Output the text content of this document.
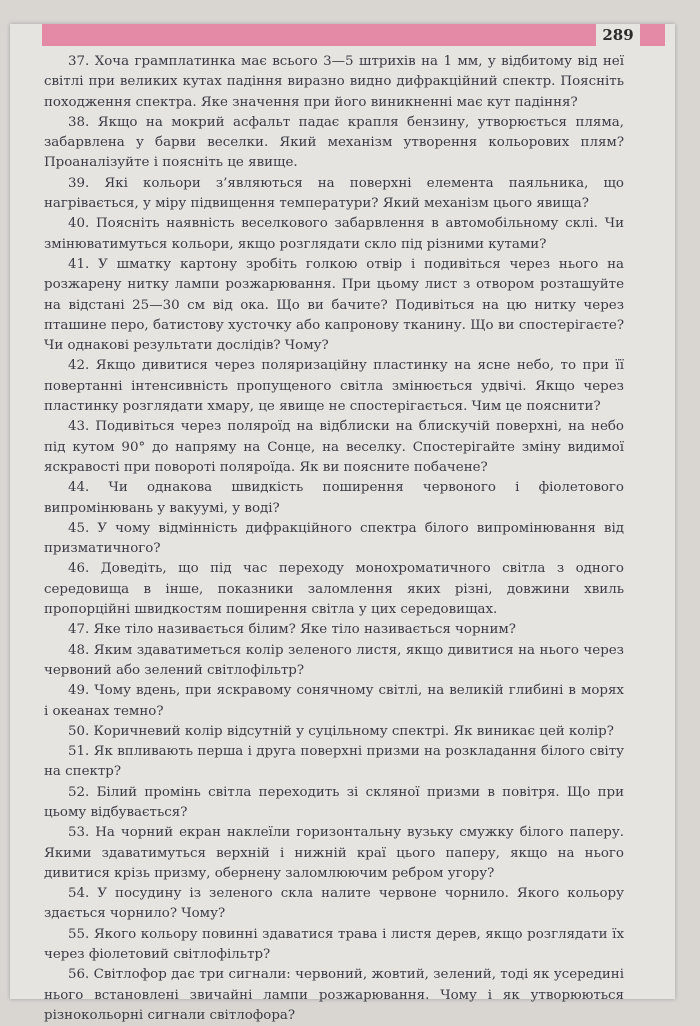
289

37. Хоча грамплатинка має всього 3—5 штрихів на 1 мм, у відбитому від неї світлі при великих кутах падіння виразно видно дифракційний спектр. Поясніть походження спектра. Яке значення при його виникненні має кут падіння?

38. Якщо на мокрий асфальт падає крапля бензину, утворюється пляма, забарвлена у барви веселки. Який механізм утворення кольорових плям? Проаналізуйте і поясніть це явище.

39. Які кольори з’являються на поверхні елемента паяльника, що нагрівається, у міру підвищення температури? Який механізм цього явища?

40. Поясніть наявність веселкового забарвлення в автомобільному склі. Чи змінюватимуться кольори, якщо розглядати скло під різними кутами?

41. У шматку картону зробіть голкою отвір і подивіться через нього на розжарену нитку лампи розжарювання. При цьому лист з отвором розташуйте на відстані 25—30 см від ока. Що ви бачите? Подивіться на цю нитку через пташине перо, батистову хусточку або капронову тканину. Що ви спостерігаєте? Чи однакові результати дослідів? Чому?

42. Якщо дивитися через поляризаційну пластинку на ясне небо, то при її повертанні інтенсивність пропущеного світла змінюється удвічі. Якщо через пластинку розглядати хмару, це явище не спостерігається. Чим це пояснити?

43. Подивіться через поляроїд на відблиски на блискучій поверхні, на небо під кутом 90° до напряму на Сонце, на веселку. Спостерігайте зміну видимої яскравості при повороті поляроїда. Як ви поясните побачене?

44. Чи однакова швидкість поширення червоного і фіолетового випромінювань у вакуумі, у воді?

45. У чому відмінність дифракційного спектра білого випромінювання від призматичного?

46. Доведіть, що під час переходу монохроматичного світла з одного середовища в інше, показники заломлення яких різні, довжини хвиль пропорційні швидкостям поширення світла у цих середовищах.

47. Яке тіло називається білим? Яке тіло називається чорним?

48. Яким здаватиметься колір зеленого листя, якщо дивитися на нього через червоний або зелений світлофільтр?

49. Чому вдень, при яскравому сонячному світлі, на великій глибині в морях і океанах темно?

50. Коричневий колір відсутній у суцільному спектрі. Як виникає цей колір?

51. Як впливають перша і друга поверхні призми на розкладання білого світу на спектр?

52. Білий промінь світла переходить зі скляної призми в повітря. Що при цьому відбувається?

53. На чорний екран наклеїли горизонтальну вузьку смужку білого паперу. Якими здаватимуться верхній і нижній краї цього паперу, якщо на нього дивитися крізь призму, обернену заломлюючим ребром угору?

54. У посудину із зеленого скла налите червоне чорнило. Якого кольору здається чорнило? Чому?

55. Якого кольору повинні здаватися трава і листя дерев, якщо розглядати їх через фіолетовий світлофільтр?

56. Світлофор дає три сигнали: червоний, жовтий, зелений, тоді як усередині нього встановлені звичайні лампи розжарювання. Чому і як утворюються різнокольорні сигнали світлофора?
